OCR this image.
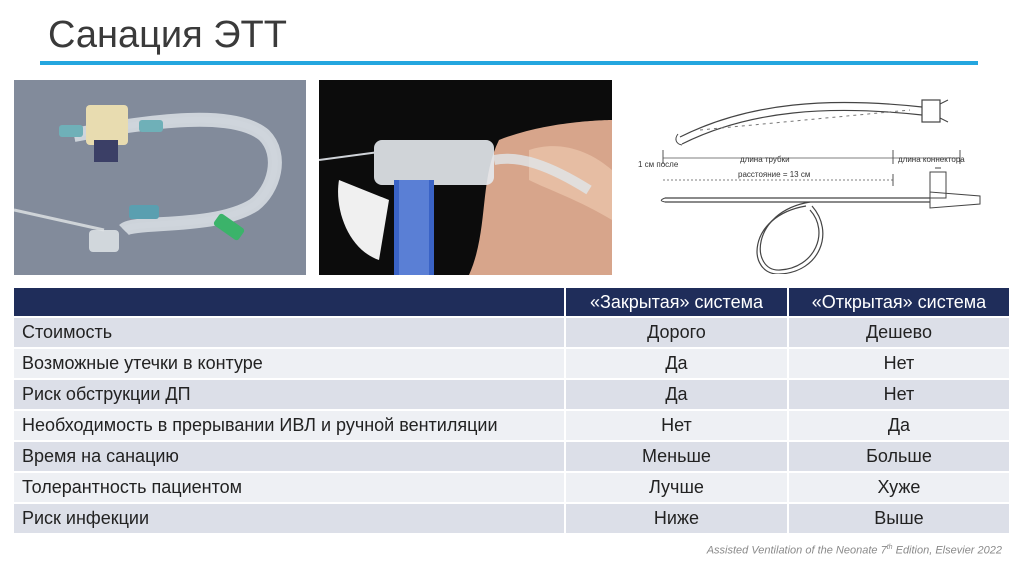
Санация ЭТТ
1 см после
длина трубки
расстояние = 13 см
длина коннектора
	«Закрытая» система	«Открытая» система
Стоимость	Дорого	Дешево
Возможные утечки в контуре	Да	Нет
Риск обструкции ДП	Да	Нет
Необходимость в прерывании ИВЛ и ручной вентиляции	Нет	Да
Время на санацию	Меньше	Больше
Толерантность пациентом	Лучше	Хуже
Риск инфекции	Ниже	Выше
Assisted Ventilation of the Neonate 7th Edition, Elsevier 2022
